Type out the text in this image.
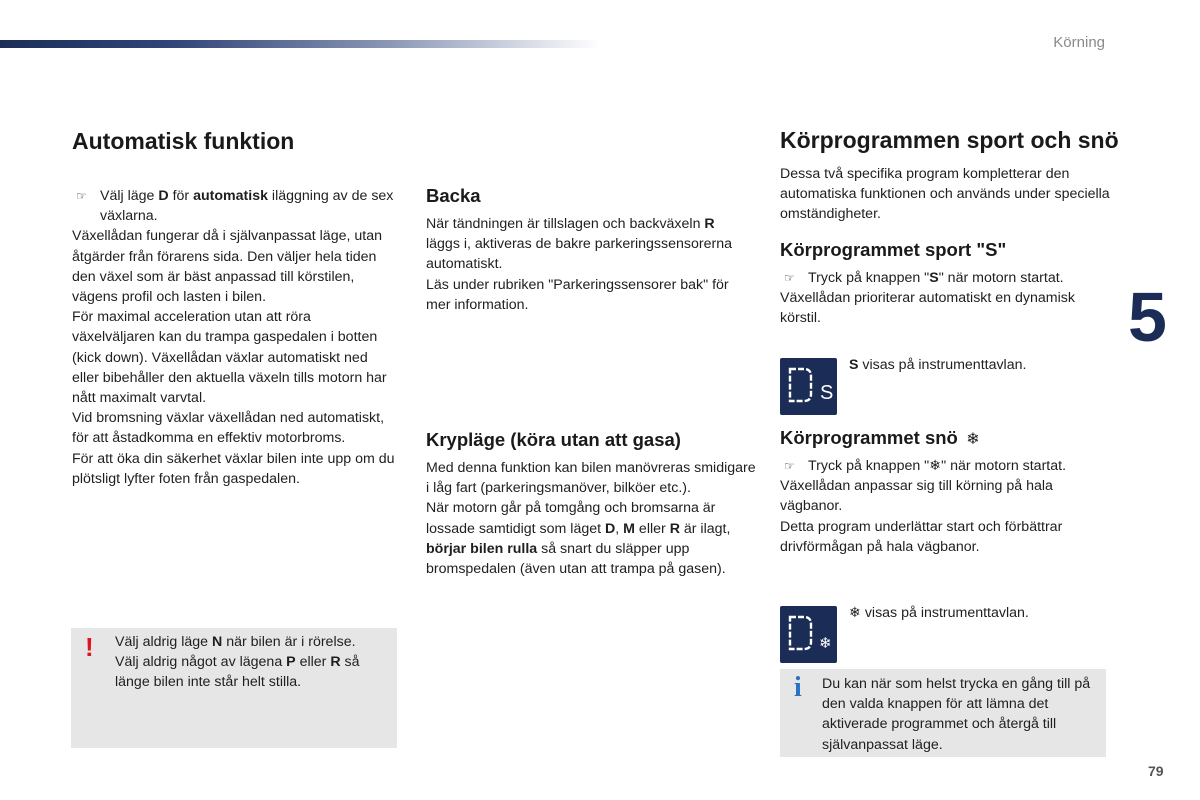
Körning
5
79
Automatisk funktion

☞ Välj läge D för automatisk iläggning av de sex växlarna.

Växellådan fungerar då i självanpassat läge, utan åtgärder från förarens sida. Den väljer hela tiden den växel som är bäst anpassad till körstilen, vägens profil och lasten i bilen.

För maximal acceleration utan att röra växelväljaren kan du trampa gaspedalen i botten (kick down). Växellådan växlar automatiskt ned eller bibehåller den aktuella växeln tills motorn har nått maximalt varvtal.

Vid bromsning växlar växellådan ned automatiskt, för att åstadkomma en effektiv motorbroms.

För att öka din säkerhet växlar bilen inte upp om du plötsligt lyfter foten från gaspedalen.

! Välj aldrig läge N när bilen är i rörelse.

Välj aldrig något av lägena P eller R så länge bilen inte står helt stilla.

Backa

När tändningen är tillslagen och backväxeln R läggs i, aktiveras de bakre parkeringssensorerna automatiskt.

Läs under rubriken "Parkeringssensorer bak" för mer information.

Krypläge (köra utan att gasa)

Med denna funktion kan bilen manövreras smidigare i låg fart (parkeringsmanöver, bilköer etc.).

När motorn går på tomgång och bromsarna är lossade samtidigt som läget D, M eller R är ilagt, börjar bilen rulla så snart du släpper upp bromspedalen (även utan att trampa på gasen).

Körprogrammen sport och snö
Dessa två specifika program kompletterar den automatiska funktionen och används under speciella omständigheter.
Körprogrammet sport "S"

☞ Tryck på knappen "S" när motorn startat.

Växellådan prioriterar automatiskt en dynamisk körstil.

S
S visas på instrumenttavlan.
Körprogrammet snö ❄

☞ Tryck på knappen "❄" när motorn startat.

Växellådan anpassar sig till körning på hala vägbanor.

Detta program underlättar start och förbättrar drivförmågan på hala vägbanor.

❄
❄ visas på instrumenttavlan.
i Du kan när som helst trycka en gång till på den valda knappen för att lämna det aktiverade programmet och återgå till självanpassat läge.
